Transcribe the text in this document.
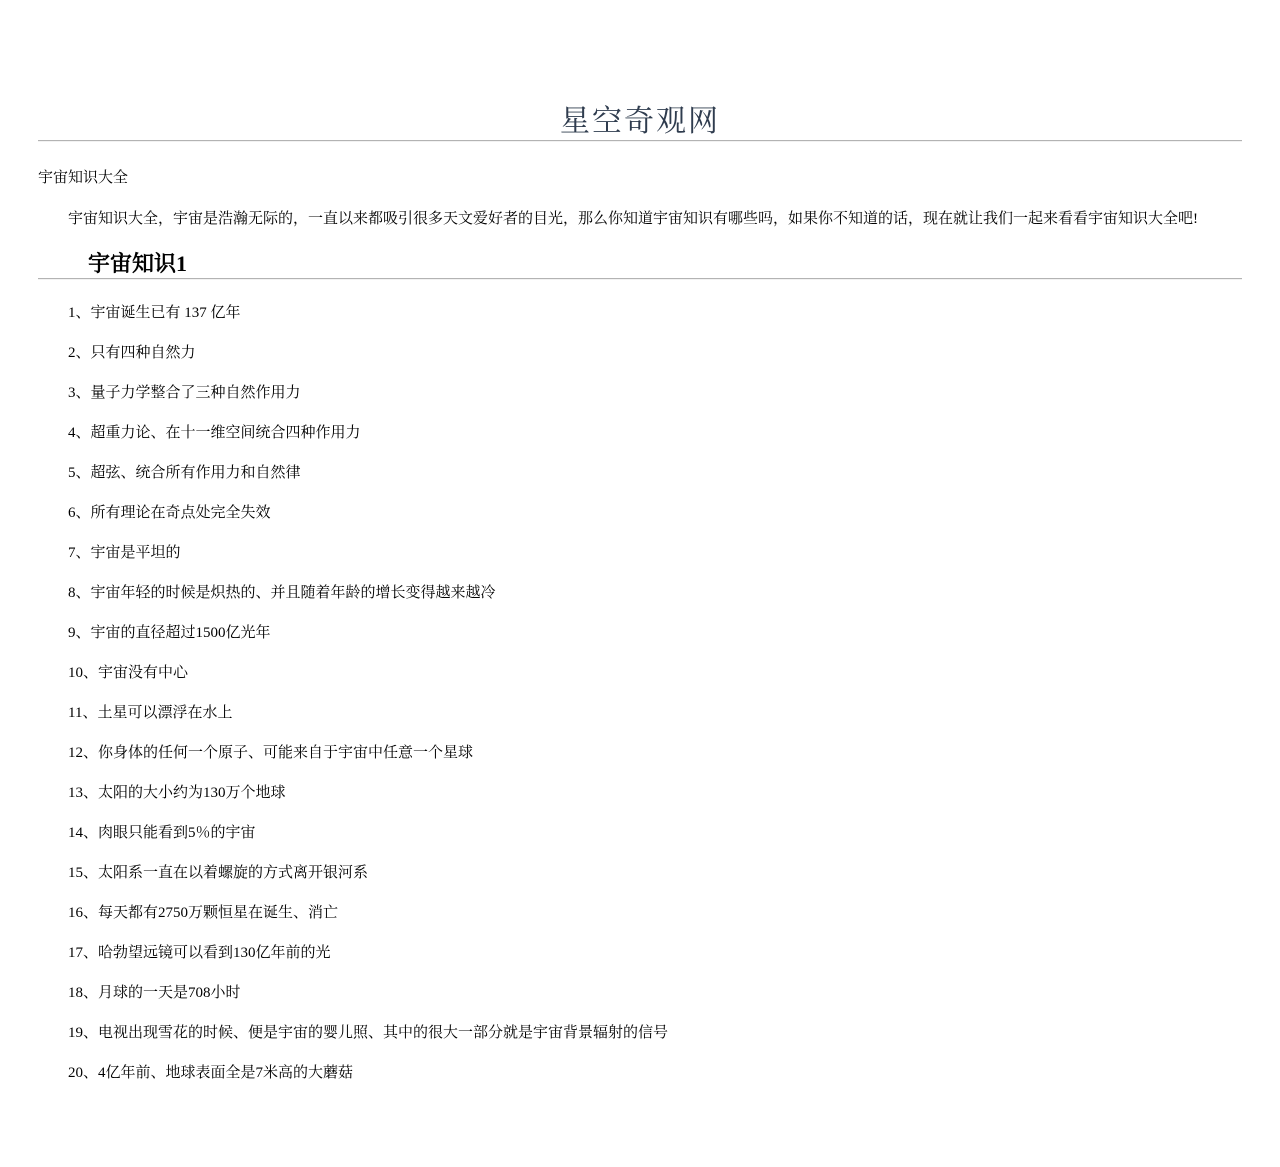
星空奇观网

宇宙知识大全

宇宙知识大全，宇宙是浩瀚无际的，一直以来都吸引很多天文爱好者的目光，那么你知道宇宙知识有哪些吗，如果你不知道的话，现在就让我们一起来看看宇宙知识大全吧!

宇宙知识1

1、宇宙诞生已有 137 亿年

2、只有四种自然力

3、量子力学整合了三种自然作用力

4、超重力论、在十一维空间统合四种作用力

5、超弦、统合所有作用力和自然律

6、所有理论在奇点处完全失效

7、宇宙是平坦的

8、宇宙年轻的时候是炽热的、并且随着年龄的增长变得越来越冷

9、宇宙的直径超过1500亿光年

10、宇宙没有中心

11、土星可以漂浮在水上

12、你身体的任何一个原子、可能来自于宇宙中任意一个星球

13、太阳的大小约为130万个地球

14、肉眼只能看到5％的宇宙

15、太阳系一直在以着螺旋的方式离开银河系

16、每天都有2750万颗恒星在诞生、消亡

17、哈勃望远镜可以看到130亿年前的光

18、月球的一天是708小时

19、电视出现雪花的时候、便是宇宙的婴儿照、其中的很大一部分就是宇宙背景辐射的信号

20、4亿年前、地球表面全是7米高的大蘑菇
